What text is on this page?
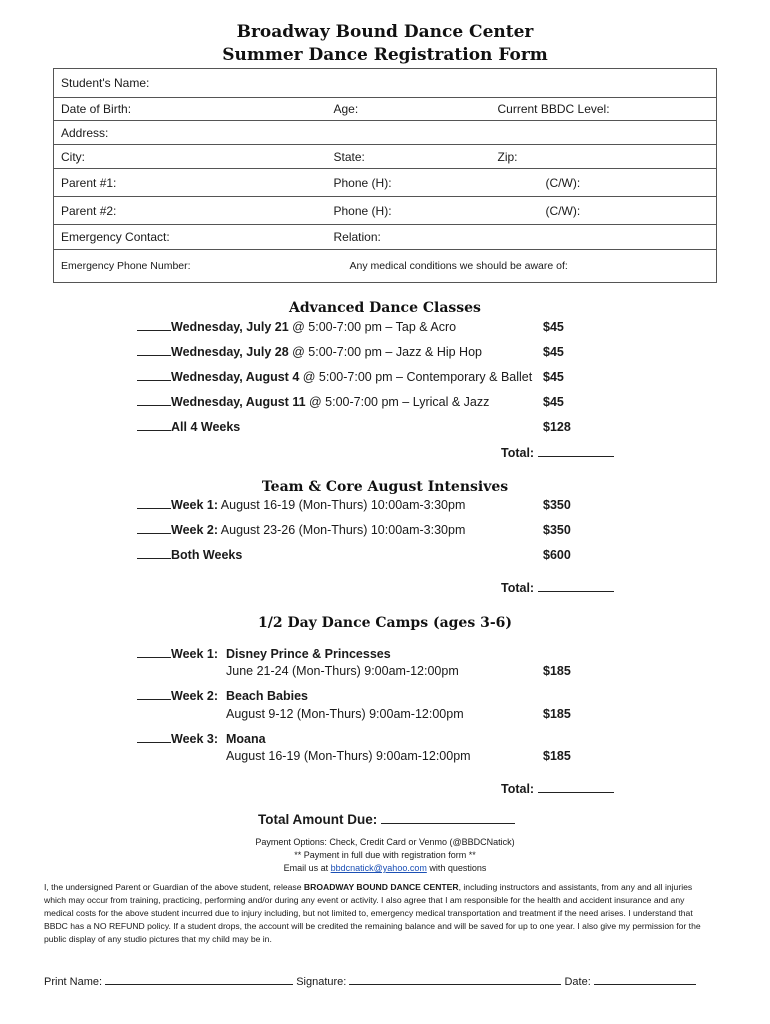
Broadway Bound Dance Center
Summer Dance Registration Form
Student's Name:		
Date of Birth:	Age:	Current BBDC Level:
Address:		
City:	State:	Zip:
Parent #1:	Phone (H):	(C/W):
Parent #2:	Phone (H):	(C/W):
Emergency Contact:	Relation:	
Emergency Phone Number:	Any medical conditions we should be aware of:	
Advanced Dance Classes
Wednesday, July 21 @ 5:00-7:00 pm – Tap & Acro	$45
Wednesday, July 28 @ 5:00-7:00 pm – Jazz & Hip Hop	$45
Wednesday, August 4 @ 5:00-7:00 pm – Contemporary & Ballet $45
Wednesday, August 11 @ 5:00-7:00 pm – Lyrical & Jazz	$45
All 4 Weeks	$128
Total:
Team & Core August Intensives
Week 1: August 16-19 (Mon-Thurs) 10:00am-3:30pm	$350
Week 2: August 23-26 (Mon-Thurs) 10:00am-3:30pm	$350
Both Weeks	$600
Total:
1/2 Day Dance Camps (ages 3-6)
Week 1: Disney Prince & Princesses
June 21-24 (Mon-Thurs) 9:00am-12:00pm	$185
Week 2: Beach Babies
August 9-12 (Mon-Thurs) 9:00am-12:00pm	$185
Week 3: Moana
August 16-19 (Mon-Thurs) 9:00am-12:00pm	$185
Total:
Total Amount Due:
Payment Options: Check, Credit Card or Venmo (@BBDCNatick)
** Payment in full due with registration form **
Email us at bbdcnatick@yahoo.com with questions
I, the undersigned Parent or Guardian of the above student, release BROADWAY BOUND DANCE CENTER, including instructors and assistants, from any and all injuries which may occur from training, practicing, performing and/or during any event or activity. I also agree that I am responsible for the health and accident insurance and any medical costs for the above student incurred due to injury including, but not limited to, emergency medical transportation and treatment if the need arises. I understand that BBDC has a NO REFUND policy. If a student drops, the account will be credited the remaining balance and will be saved for up to one year. I also give my permission for the public display of any studio pictures that my child may be in.
Print Name:	Signature:	Date:
